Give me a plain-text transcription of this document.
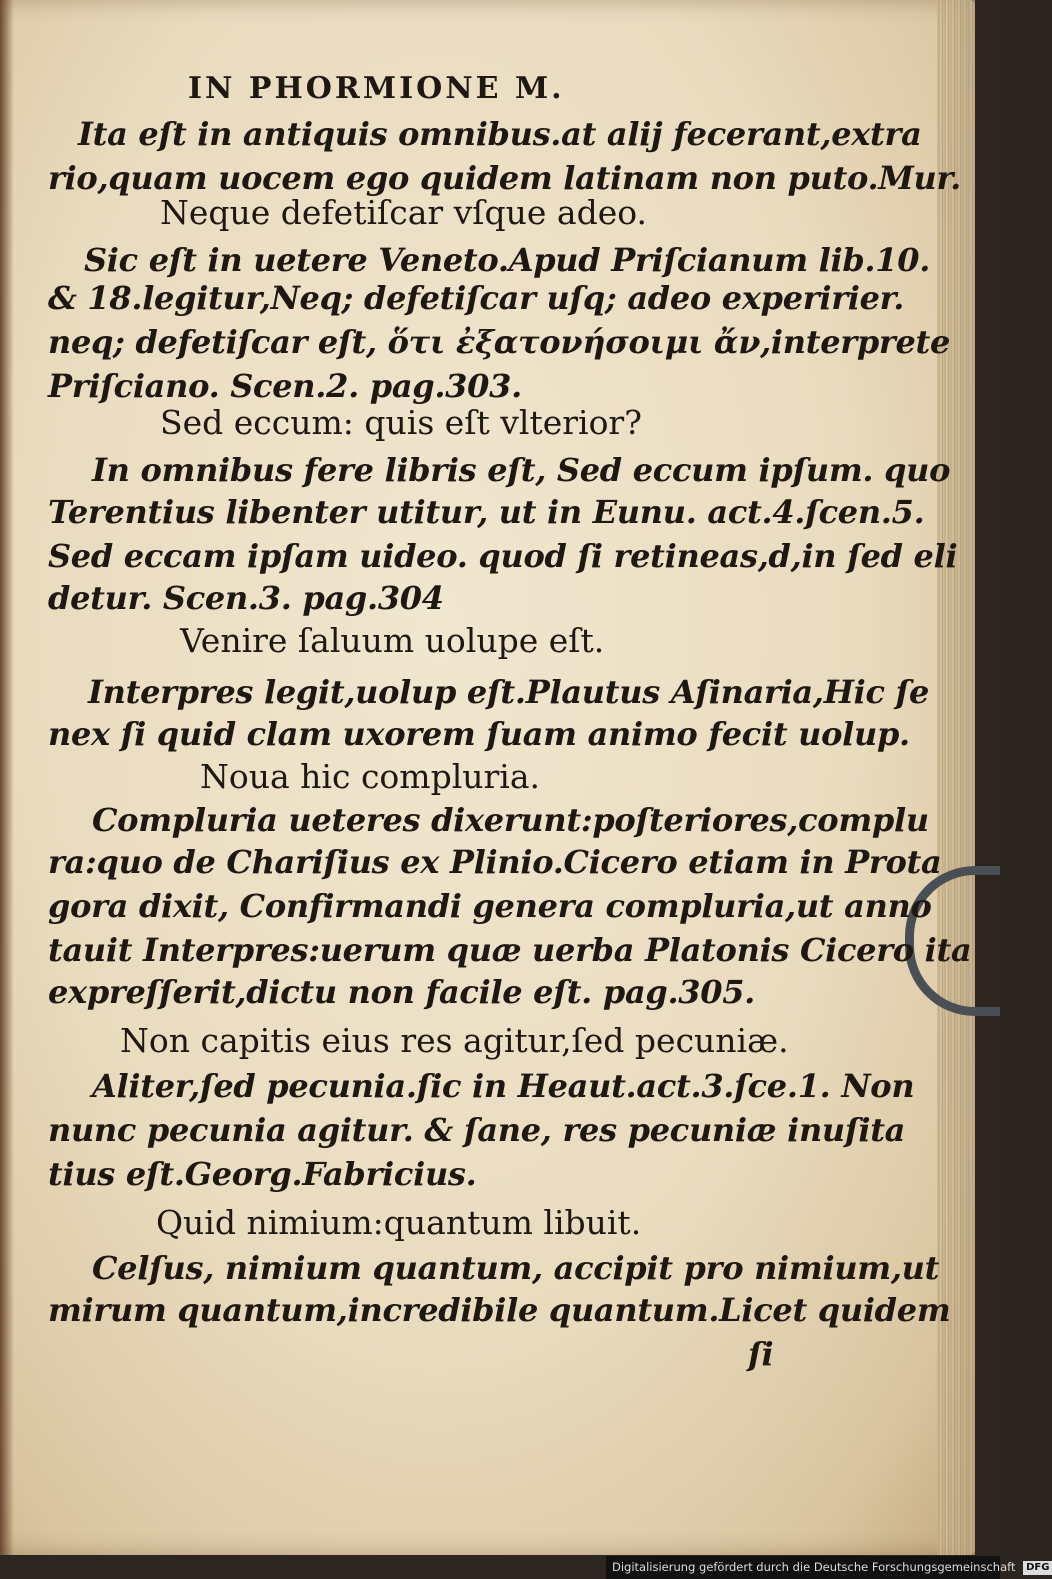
IN PHORMIONE M.
Ita eſt in antiquis omnibus.at alij fecerant,extra
rio,quam uocem ego quidem latinam non puto.Mur.
Neque defetiſcar vſque adeo.
Sic eſt in uetere Veneto.Apud Priſcianum lib.10.
& 18.legitur,Neq; defetiſcar uſq; adeo experirier.
neq; defetiſcar eſt, ὅτι ἐξατονήσοιμι ἄν,interprete
Priſciano. Scen.2. pag.303.
Sed eccum: quis eſt vlterior?
In omnibus fere libris eſt, Sed eccum ipſum. quo
Terentius libenter utitur, ut in Eunu. act.4.ſcen.5.
Sed eccam ipſam uideo. quod ſi retineas,d,in ſed eli
detur. Scen.3. pag.304
Venire ſaluum uolupe eſt.
Interpres legit,uolup eſt.Plautus Aſinaria,Hic ſe
nex ſi quid clam uxorem ſuam animo fecit uolup.
Noua hic compluria.
Compluria ueteres dixerunt:poſteriores,complu
ra:quo de Chariſius ex Plinio.Cicero etiam in Prota
gora dixit, Confirmandi genera compluria,ut anno
tauit Interpres:uerum quæ uerba Platonis Cicero ita
expreſſerit,dictu non facile eſt. pag.305.
Non capitis eius res agitur,ſed pecuniæ.
Aliter,ſed pecunia.ſic in Heaut.act.3.ſce.1. Non
nunc pecunia agitur. & ſane, res pecuniæ inuſita
tius eſt.Georg.Fabricius.
Quid nimium:quantum libuit.
Celſus, nimium quantum, accipit pro nimium,ut
mirum quantum,incredibile quantum.Licet quidem
ſi
Digitalisierung gefördert durch die Deutsche Forschungsgemeinschaft DFG
